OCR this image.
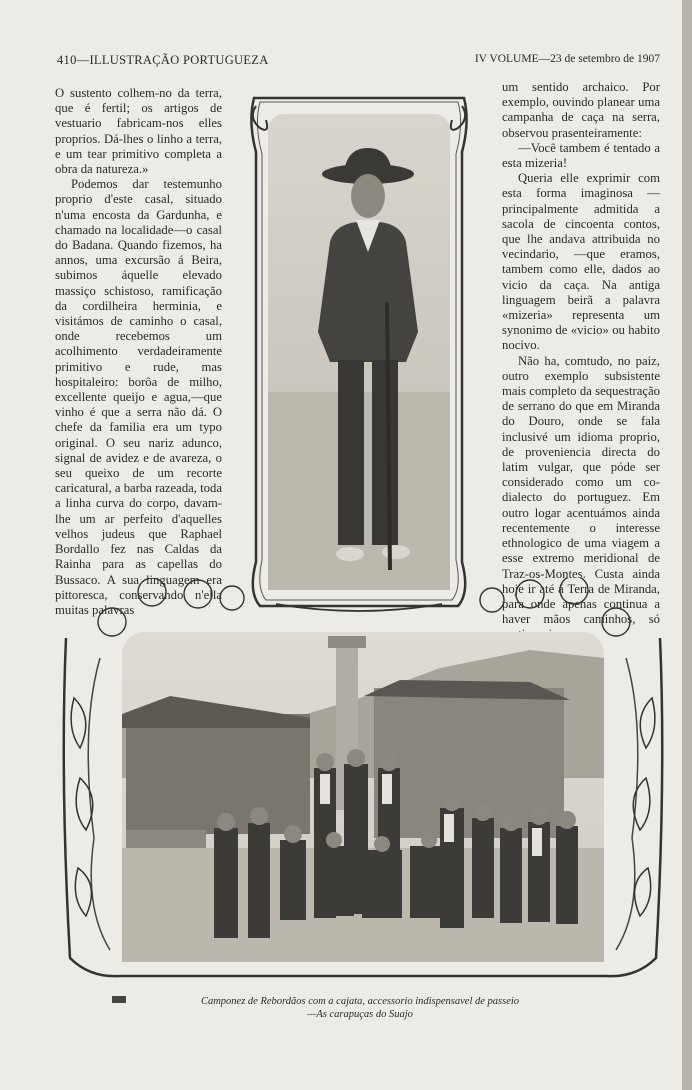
410—ILLUSTRAÇÃO PORTUGUEZA	IV VOLUME—23 de setembro de 1907

O sustento colhem-no da terra, que é fertil; os artigos de vestuario fabricam-nos elles proprios. Dá-lhes o linho a terra, e um tear primitivo completa a obra da natureza.»

Podemos dar testemunho proprio d'este casal, situado n'uma encosta da Gardunha, e chamado na localidade—o casal do Badana. Quando fizemos, ha annos, uma excursão á Beira, subimos áquelle elevado massiço schistoso, ramificação da cordilheira herminia, e visitámos de caminho o casal, onde recebemos um acolhimento verdadeiramente primitivo e rude, mas hospitaleiro: borôa de milho, excellente queijo e agua,—que vinho é que a serra não dá. O chefe da familia era um typo original. O seu nariz adunco, signal de avidez e de avareza, o seu queixo de um recorte caricatural, a barba razeada, toda a linha curva do corpo, davam-lhe um ar perfeito d'aquelles velhos judeus que Raphael Bordallo fez nas Caldas da Rainha para as capellas do Bussaco. A sua linguagem era pittoresca, conservando n'ella muitas palavras

um sentido archaico. Por exemplo, ouvindo planear uma campanha de caça na serra, observou prasenteiramente:

—Você tambem é tentado a esta mizeria!

Queria elle exprimir com esta forma imaginosa — principalmente admitida a sacola de cincoenta contos, que lhe andava attribuida no vecindario, —que eramos, tambem como elle, dados ao vicio da caça. Na antiga linguagem beirã a palavra «mizeria» representa um synonimo de «vicio» ou habito nocivo.

Não ha, comtudo, no paiz, outro exemplo subsistente mais completo da sequestração de serrano do que em Miranda do Douro, onde se fala inclusivé um idioma proprio, de proveniencia directa do latim vulgar, que póde ser considerado como um co-dialecto do portuguez. Em outro logar acentuámos ainda recentemente o interesse ethnologico de uma viagem a esse extremo meridional de Traz-os-Montes. Custa ainda hoje ir até á Terra de Miranda, para onde apenas continua a haver mãos caminhos, só

Camponez de Rebordãos com a cajata, accessorio indispensavel de passeio
—As carapuças do Suajo
